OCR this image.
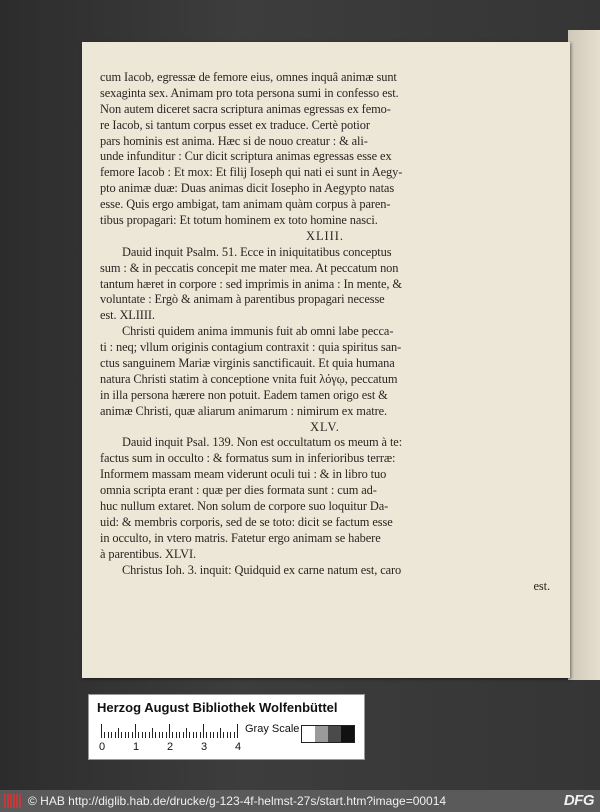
cum Iacob, egressæ de femore eius, omnes inquâ animæ sunt
sexaginta sex. Animam pro tota persona sumi in confesso est.
Non autem diceret sacra scriptura animas egressas ex femo-
re Iacob, si tantum corpus esset ex traduce. Certè potior
pars hominis est anima. Hæc si de nouo creatur : & ali-
unde infunditur : Cur dicit scriptura animas egressas esse ex
femore Iacob : Et mox: Et filij Ioseph qui nati ei sunt in Aegy-
pto animæ duæ: Duas animas dicit Iosepho in Aegypto natas
esse. Quis ergo ambigat, tam animam quàm corpus à paren-
tibus propagari: Et totum hominem ex toto homine nasci.
XLIII.
Dauid inquit Psalm. 51. Ecce in iniquitatibus conceptus
sum : & in peccatis concepit me mater mea. At peccatum non
tantum hæret in corpore : sed imprimis in anima : In mente, &
voluntate : Ergò & animam à parentibus propagari necesse
est. XLIIII.
Christi quidem anima immunis fuit ab omni labe pecca-
ti : neq; vllum originis contagium contraxit : quia spiritus san-
ctus sanguinem Mariæ virginis sanctificauit. Et quia humana
natura Christi statim à conceptione vnita fuit λόγῳ, peccatum
in illa persona hærere non potuit. Eadem tamen origo est &
animæ Christi, quæ aliarum animarum : nimirum ex matre.
XLV.
Dauid inquit Psal. 139. Non est occultatum os meum à te:
factus sum in occulto : & formatus sum in inferioribus terræ:
Informem massam meam viderunt oculi tui : & in libro tuo
omnia scripta erant : quæ per dies formata sunt : cum ad-
huc nullum extaret. Non solum de corpore suo loquitur Da-
uid: & membris corporis, sed de se toto: dicit se factum esse
in occulto, in vtero matris. Fatetur ergo animam se habere
à parentibus. XLVI.
Christus Ioh. 3. inquit: Quidquid ex carne natum est, caro
est.
Herzog August Bibliothek Wolfenbüttel
0	1	2	3	4
Gray Scale
© HAB http://diglib.hab.de/drucke/g-123-4f-helmst-27s/start.htm?image=00014	DFG
